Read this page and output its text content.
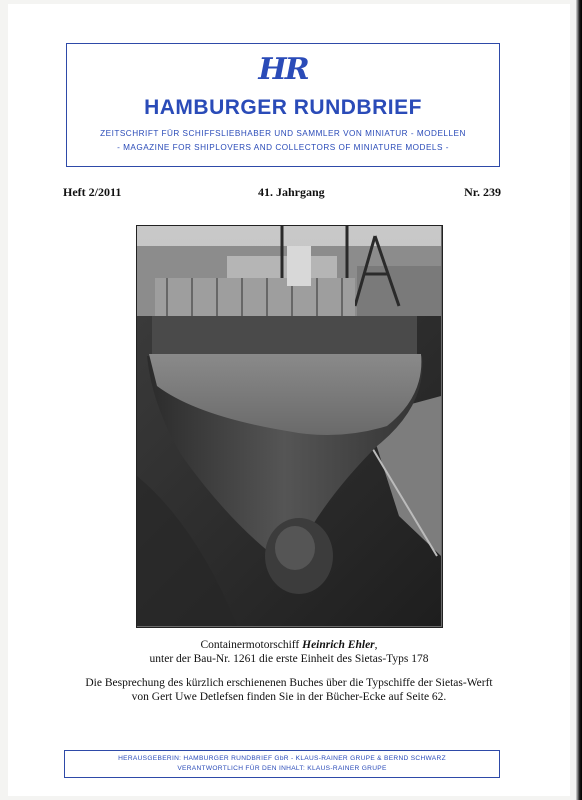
HR
HAMBURGER RUNDBRIEF
ZEITSCHRIFT FÜR SCHIFFSLIEBHABER UND SAMMLER VON MINIATUR - MODELLEN
- MAGAZINE FOR SHIPLOVERS AND COLLECTORS OF MINIATURE MODELS -
Heft 2/2011	41. Jahrgang	Nr. 239
Containermotorschiff Heinrich Ehler,
unter der Bau-Nr. 1261 die erste Einheit des Sietas-Typs 178
Die Besprechung des kürzlich erschienenen Buches über die Typschiffe der Sietas-Werft
von Gert Uwe Detlefsen finden Sie in der Bücher-Ecke auf Seite 62.
HERAUSGEBERIN: HAMBURGER RUNDBRIEF GbR - KLAUS-RAINER GRUPE & BERND SCHWARZ
VERANTWORTLICH FÜR DEN INHALT: KLAUS-RAINER GRUPE
